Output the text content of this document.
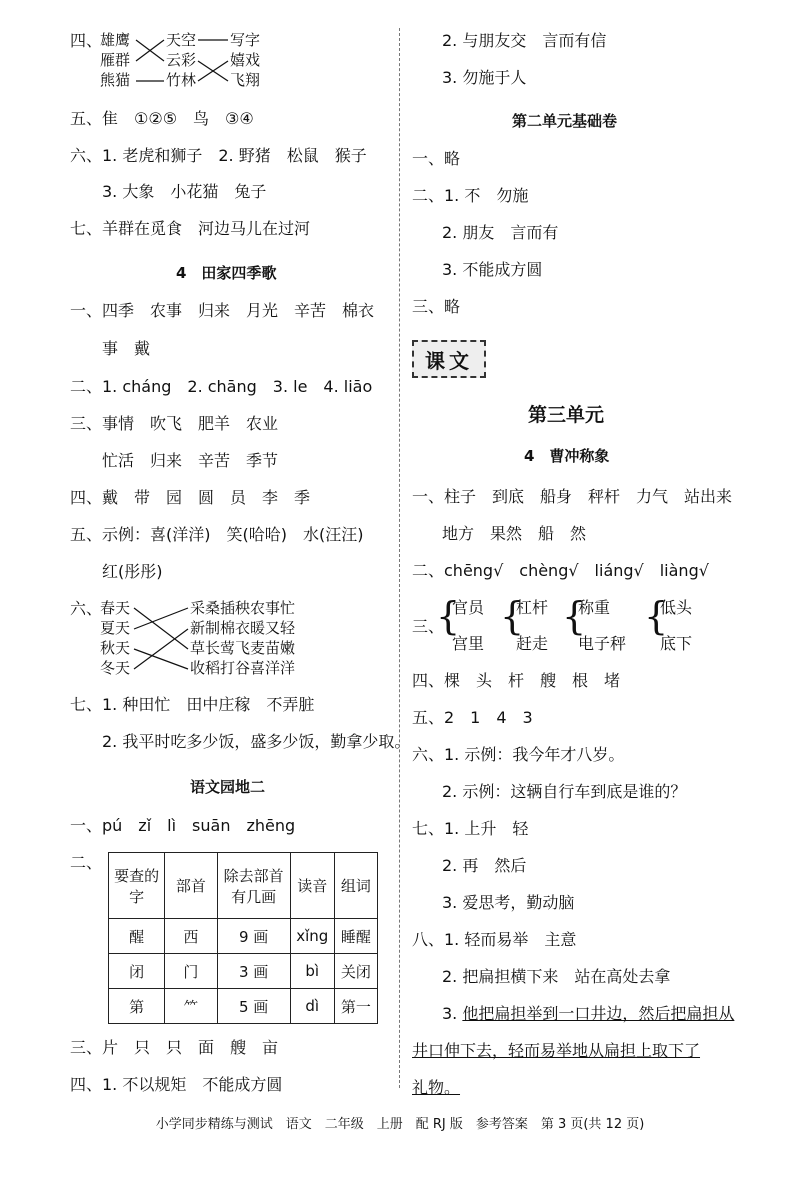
四、
雄鹰
雁群
熊猫
天空
云彩
竹林
写字
嬉戏
飞翔
五、隹　①②⑤　鸟　③④
六、1. 老虎和狮子　2. 野猪　松鼠　猴子
3. 大象　小花猫　兔子
七、羊群在觅食　河边马儿在过河
4　田家四季歌
一、四季　农事　归来　月光　辛苦　棉衣
事　戴
二、1. cháng　2. chāng　3. le　4. liāo
三、事情　吹飞　肥羊　农业
忙活　归来　辛苦　季节
四、戴　带　园　圆　员　李　季
五、示例：喜(洋洋)　笑(哈哈)　水(汪汪)
红(彤彤)
六、
春天
夏天
秋天
冬天
采桑插秧农事忙
新制棉衣暖又轻
草长莺飞麦苗嫩
收稻打谷喜洋洋
七、1. 种田忙　田中庄稼　不弄脏
2. 我平时吃多少饭，盛多少饭，勤拿少取。
语文园地二
一、pú　zǐ　lì　suān　zhēng
二、
要查的字	部首	除去部首有几画	读音	组词
醒	西	9 画	xǐng	睡醒
闭	门	3 画	bì	关闭
第	⺮	5 画	dì	第一
三、片　只　只　面　艘　亩
四、1. 不以规矩　不能成方圆
2. 与朋友交　言而有信
3. 勿施于人
第二单元基础卷
一、略
二、1. 不　勿施
2. 朋友　言而有
3. 不能成方圆
三、略
课文
第三单元
4　曹冲称象
一、柱子　到底　船身　秤杆　力气　站出来
地方　果然　船　然
二、chēng√　chèng√　liáng√　liàng√
三、
{
官员
宫里
{
杠杆
赶走
{
称重
电子秤
{
低头
底下
四、棵　头　杆　艘　根　堵
五、2　1　4　3
六、1. 示例：我今年才八岁。
2. 示例：这辆自行车到底是谁的？
七、1. 上升　轻
2. 再　然后
3. 爱思考，勤动脑
八、1. 轻而易举　主意
2. 把扁担横下来　站在高处去拿
3. 他把扁担举到一口井边，然后把扁担从
井口伸下去，轻而易举地从扁担上取下了
礼物。
小学同步精练与测试　语文　二年级　上册　配 RJ 版　参考答案　第 3 页(共 12 页)
